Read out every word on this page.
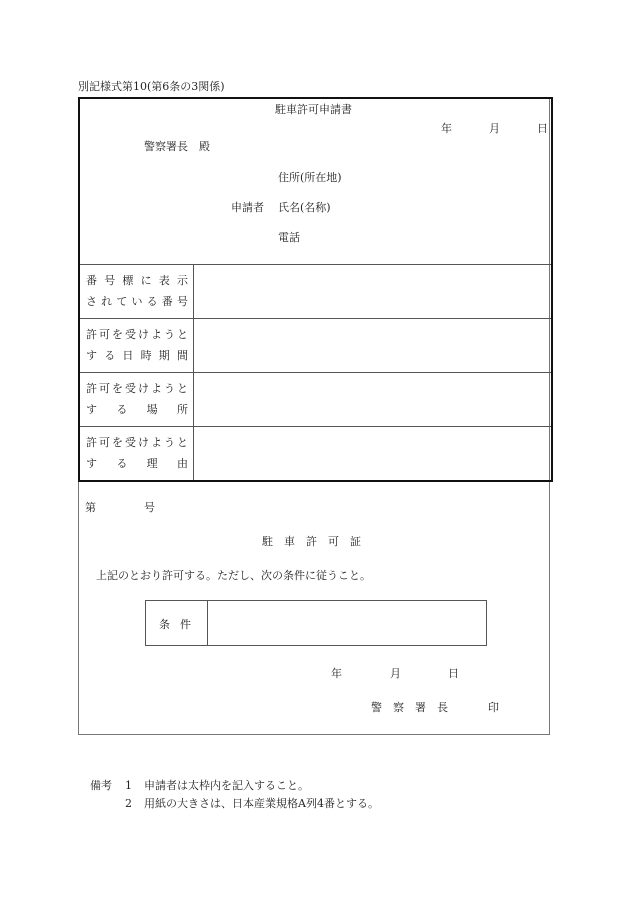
別記様式第10(第6条の3関係)
駐車許可申請書
年	月	日
警察署長　殿
住所(所在地)
申請者 氏名(名称)
電話
番 号 標 に 表 示
さ れ て い る 番 号
許 可 を 受 け よ う と
す る 日 時 期 間
許 可 を 受 け よ う と
す る 場 所
許 可 を 受 け よ う と
す る 理 由
第	号
駐　車　許　可　証
上記のとおり許可する。ただし、次の条件に従うこと。
条件
年	月	日
警　察　署　長	印
備考 1 申請者は太枠内を記入すること。
2 用紙の大きさは、日本産業規格A列4番とする。
